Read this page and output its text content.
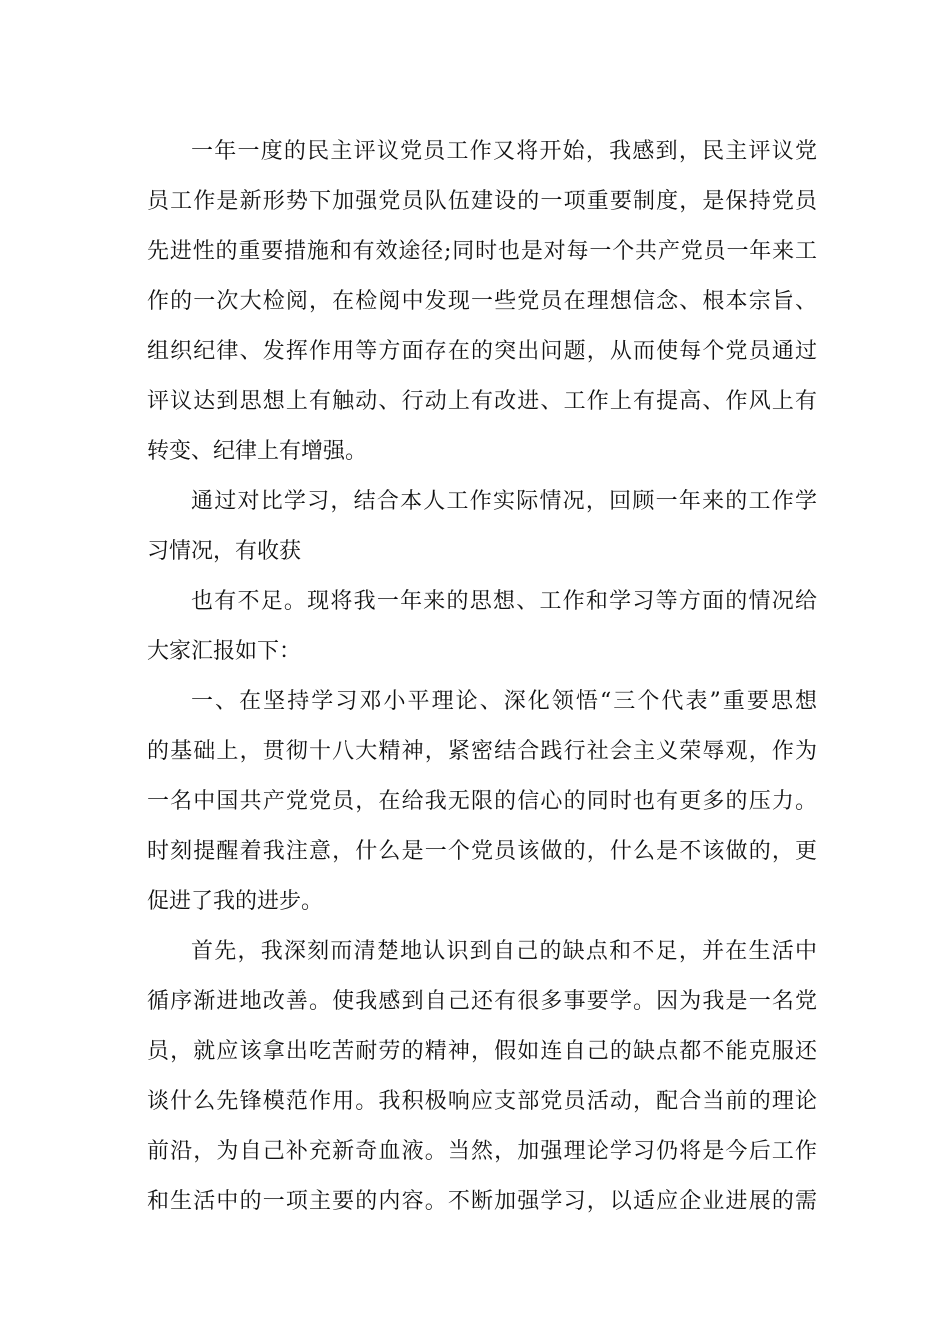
一年一度的民主评议党员工作又将开始，我感到，民主评议党
员工作是新形势下加强党员队伍建设的一项重要制度，是保持党员
先进性的重要措施和有效途径;同时也是对每一个共产党员一年来工
作的一次大检阅，在检阅中发现一些党员在理想信念、根本宗旨、
组织纪律、发挥作用等方面存在的突出问题，从而使每个党员通过
评议达到思想上有触动、行动上有改进、工作上有提高、作风上有
转变、纪律上有增强。
通过对比学习，结合本人工作实际情况，回顾一年来的工作学
习情况，有收获
也有不足。现将我一年来的思想、工作和学习等方面的情况给
大家汇报如下：
一、在坚持学习邓小平理论、深化领悟“三个代表”重要思想
的基础上，贯彻十八大精神，紧密结合践行社会主义荣辱观，作为
一名中国共产党党员，在给我无限的信心的同时也有更多的压力。
时刻提醒着我注意，什么是一个党员该做的，什么是不该做的，更
促进了我的进步。
首先，我深刻而清楚地认识到自己的缺点和不足，并在生活中
循序渐进地改善。使我感到自己还有很多事要学。因为我是一名党
员，就应该拿出吃苦耐劳的精神，假如连自己的缺点都不能克服还
谈什么先锋模范作用。我积极响应支部党员活动，配合当前的理论
前沿，为自己补充新奇血液。当然，加强理论学习仍将是今后工作
和生活中的一项主要的内容。不断加强学习，以适应企业进展的需
